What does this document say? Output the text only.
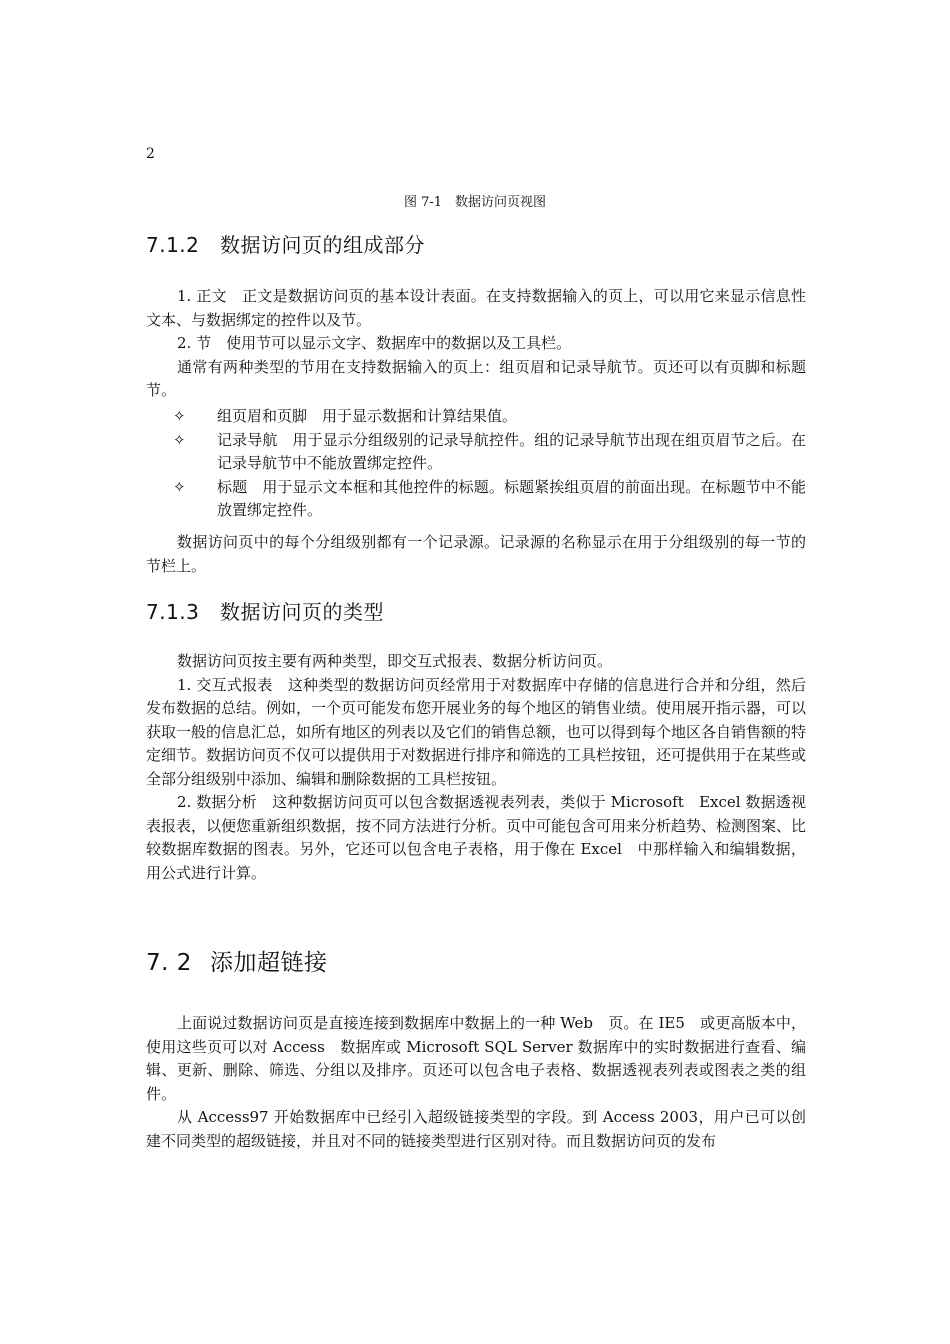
2
图 7-1　数据访问页视图
7.1.2 数据访问页的组成部分

1. 正文　正文是数据访问页的基本设计表面。在支持数据输入的页上，可以用它来显示信息性文本、与数据绑定的控件以及节。

2. 节　使用节可以显示文字、数据库中的数据以及工具栏。

通常有两种类型的节用在支持数据输入的页上：组页眉和记录导航节。页还可以有页脚和标题节。

✧ 组页眉和页脚　用于显示数据和计算结果值。

✧ 记录导航　用于显示分组级别的记录导航控件。组的记录导航节出现在组页眉节之后。在记录导航节中不能放置绑定控件。

✧ 标题　用于显示文本框和其他控件的标题。标题紧挨组页眉的前面出现。在标题节中不能放置绑定控件。

数据访问页中的每个分组级别都有一个记录源。记录源的名称显示在用于分组级别的每一节的节栏上。

7.1.3 数据访问页的类型

数据访问页按主要有两种类型，即交互式报表、数据分析访问页。

1. 交互式报表　这种类型的数据访问页经常用于对数据库中存储的信息进行合并和分组，然后发布数据的总结。例如，一个页可能发布您开展业务的每个地区的销售业绩。使用展开指示器，可以获取一般的信息汇总，如所有地区的列表以及它们的销售总额，也可以得到每个地区各自销售额的特定细节。数据访问页不仅可以提供用于对数据进行排序和筛选的工具栏按钮，还可提供用于在某些或全部分组级别中添加、编辑和删除数据的工具栏按钮。

2. 数据分析　这种数据访问页可以包含数据透视表列表，类似于 Microsoft　Excel 数据透视表报表，以便您重新组织数据，按不同方法进行分析。页中可能包含可用来分析趋势、检测图案、比较数据库数据的图表。另外，它还可以包含电子表格，用于像在 Excel　中那样输入和编辑数据，用公式进行计算。

7. 2 添加超链接

上面说过数据访问页是直接连接到数据库中数据上的一种 Web　页。在 IE5　或更高版本中，使用这些页可以对 Access　数据库或 Microsoft SQL Server 数据库中的实时数据进行查看、编辑、更新、删除、筛选、分组以及排序。页还可以包含电子表格、数据透视表列表或图表之类的组件。

从 Access97 开始数据库中已经引入超级链接类型的字段。到 Access 2003，用户已可以创建不同类型的超级链接，并且对不同的链接类型进行区别对待。而且数据访问页的发布
